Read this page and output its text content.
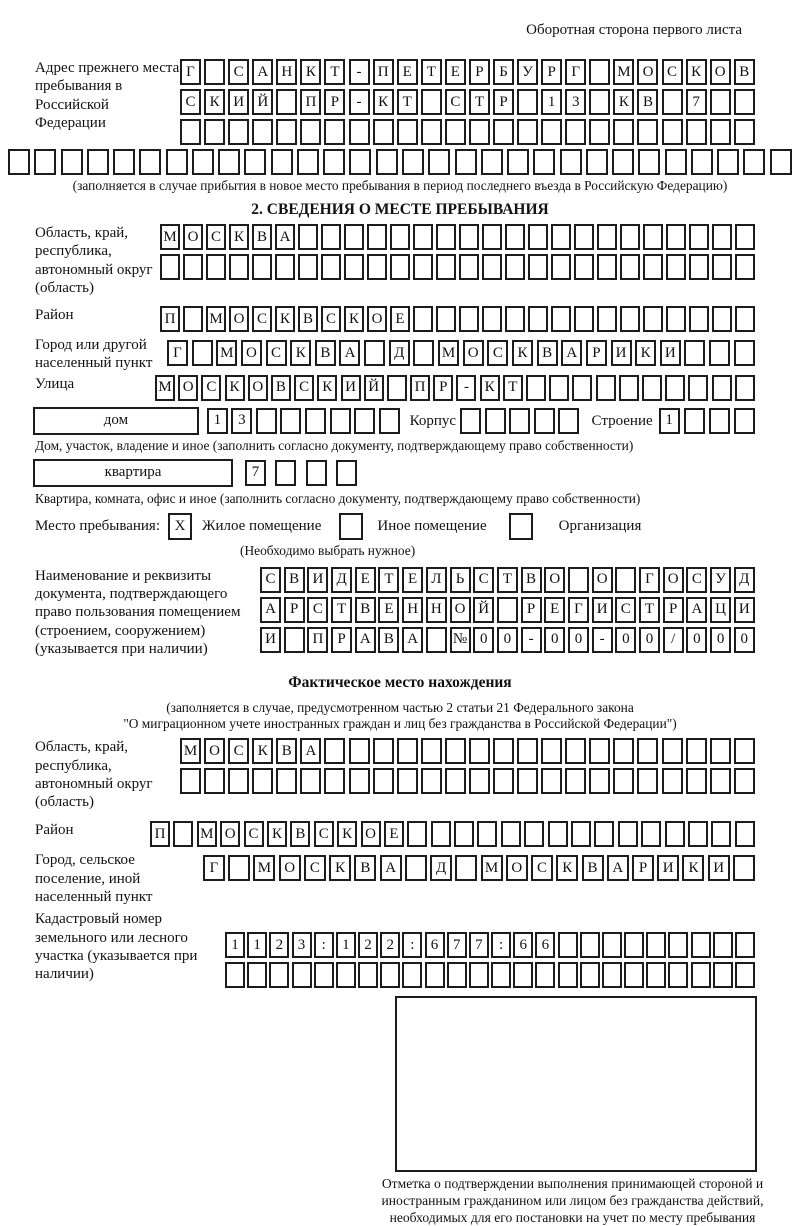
Оборотная сторона первого листа
Адрес прежнего места пребывания в Российской Федерации
Г	С А Н К Т	-	П Е Т Е	Р	Б У Р	Г	М О С К О В
С К И Й	П Р	-	К Т	С Т	Р	1	3	К В	7
(заполняется в случае прибытия в новое место пребывания в период последнего въезда в Российскую Федерацию)
2. СВЕДЕНИЯ О МЕСТЕ ПРЕБЫВАНИЯ
Область, край, республика, автономный округ (область)
М О С К В А
Район	П	М О С К В С К О Е
Город или другой населенный пункт
Г	М О С К В А	Д	М О С К В А	Р	И К И
Улица	М О С К О В С К И Й	П Р	-	К Т
дом	1	3	Корпус	Строение 1
Дом, участок, владение и иное (заполнить согласно документу, подтверждающему право собственности)
квартира	7
Квартира, комната, офис и иное (заполнить согласно документу, подтверждающему право собственности)
Место пребывания: X	Жилое помещение	Иное помещение	Организация
(Необходимо выбрать нужное)
Наименование и реквизиты документа, подтверждающего право пользования помещением (строением, сооружением) (указывается при наличии)
С В И Д Е Т Е Л Ь С Т В О	О	Г О С У Д
А Р С Т В Е Н Н О Й	Р Е Г И С Т Р А Ц И
И	П Р А В А	№ 0	0	-	0	0	-	0	0	/	0	0	0
Фактическое место нахождения
(заполняется в случае, предусмотренном частью 2 статьи 21 Федерального закона
"О миграционном учете иностранных граждан и лиц без гражданства в Российской Федерации")
Область, край, республика, автономный округ (область)
М О С К В А
Район	П	М О С К В С К О Е
Город, сельское поселение, иной населенный пункт
Г	М О С	К	В А	Д	М О С	К	В А	Р	И К И
Кадастровый номер земельного или лесного участка (указывается при наличии)
1 1 2 3	:	1 2 2	:	6 7 7	:	6 6
Отметка о подтверждении выполнения принимающей стороной и иностранным гражданином или лицом без гражданства действий, необходимых для его постановки на учет по месту пребывания
